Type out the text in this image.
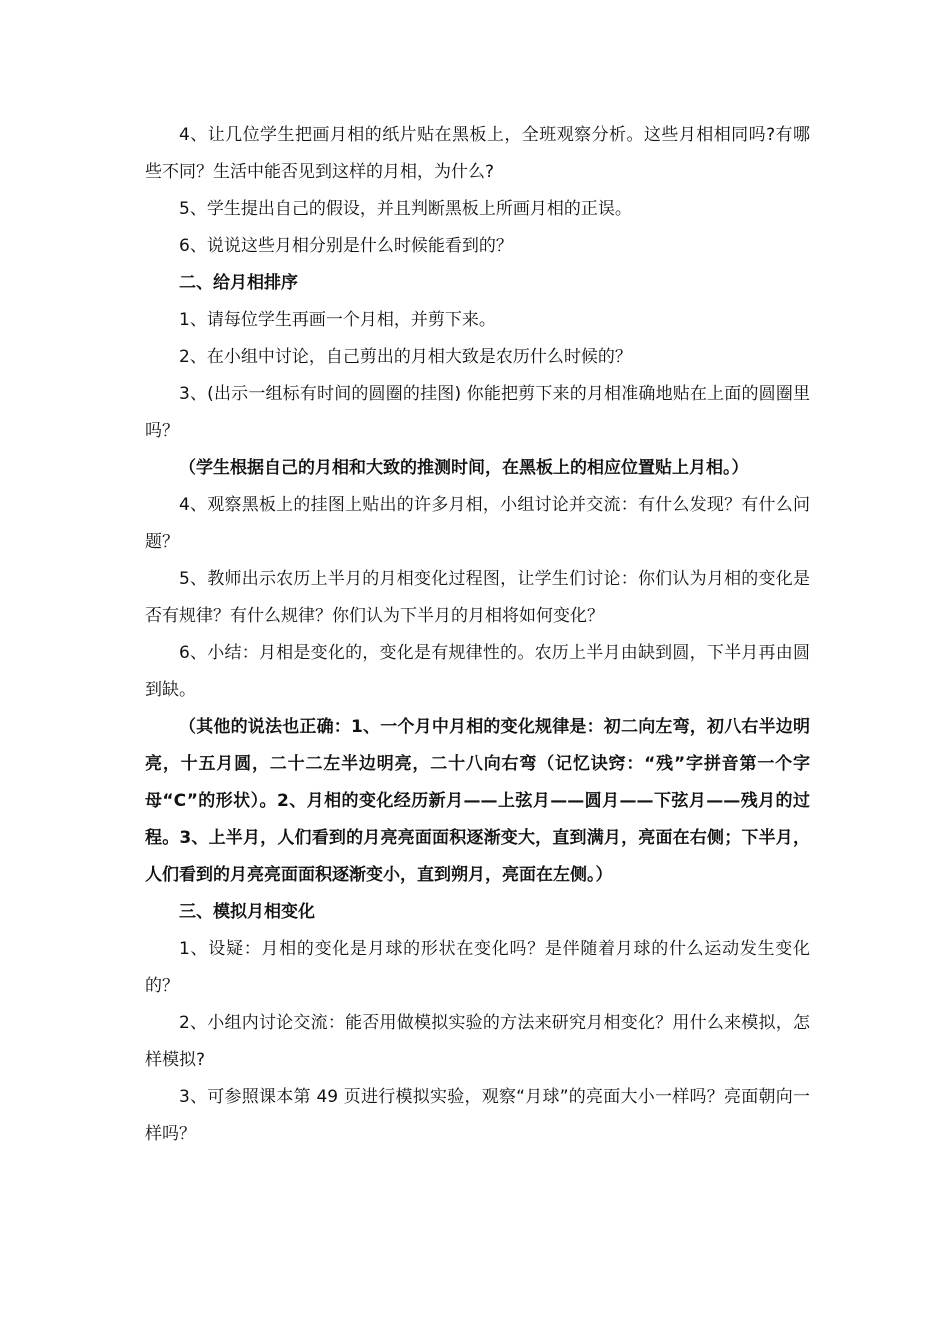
4、让几位学生把画月相的纸片贴在黑板上，全班观察分析。这些月相相同吗?有哪些不同？生活中能否见到这样的月相，为什么?

5、学生提出自己的假设，并且判断黑板上所画月相的正误。

6、说说这些月相分别是什么时候能看到的？

二、给月相排序

1、请每位学生再画一个月相，并剪下来。

2、在小组中讨论，自己剪出的月相大致是农历什么时候的？

3、(出示一组标有时间的圆圈的挂图) 你能把剪下来的月相准确地贴在上面的圆圈里吗？

（学生根据自己的月相和大致的推测时间，在黑板上的相应位置贴上月相。）

4、观察黑板上的挂图上贴出的许多月相，小组讨论并交流：有什么发现？有什么问题？

5、教师出示农历上半月的月相变化过程图，让学生们讨论：你们认为月相的变化是否有规律？有什么规律？你们认为下半月的月相将如何变化？

6、小结：月相是变化的，变化是有规律性的。农历上半月由缺到圆，下半月再由圆到缺。

（其他的说法也正确：1、一个月中月相的变化规律是：初二向左弯，初八右半边明亮，十五月圆，二十二左半边明亮，二十八向右弯（记忆诀窍：“残”字拼音第一个字母“C”的形状）。2、月相的变化经历新月——上弦月——圆月——下弦月——残月的过程。3、上半月，人们看到的月亮亮面面积逐渐变大，直到满月，亮面在右侧；下半月，人们看到的月亮亮面面积逐渐变小，直到朔月，亮面在左侧。）

三、模拟月相变化

1、设疑：月相的变化是月球的形状在变化吗？是伴随着月球的什么运动发生变化的？

2、小组内讨论交流：能否用做模拟实验的方法来研究月相变化？用什么来模拟，怎样模拟?

3、可参照课本第 49 页进行模拟实验，观察“月球”的亮面大小一样吗？亮面朝向一样吗？
